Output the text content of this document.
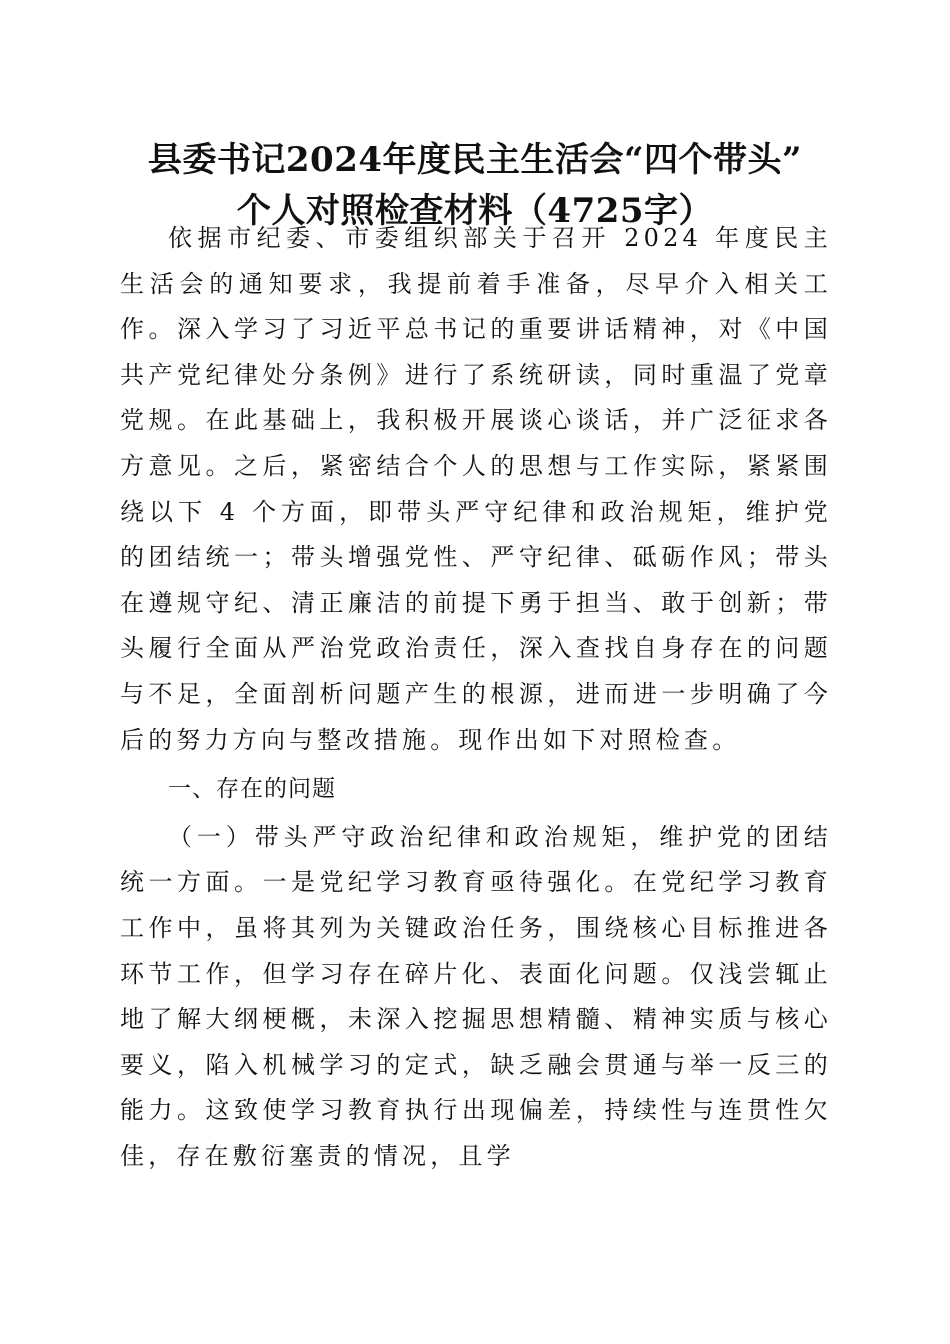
县委书记2024年度民主生活会“四个带头”
个人对照检查材料（4725字）

依据市纪委、市委组织部关于召开 2024 年度民主生活会的通知要求，我提前着手准备，尽早介入相关工作。深入学习了习近平总书记的重要讲话精神，对《中国共产党纪律处分条例》进行了系统研读，同时重温了党章党规。在此基础上，我积极开展谈心谈话，并广泛征求各方意见。之后，紧密结合个人的思想与工作实际，紧紧围绕以下 4 个方面，即带头严守纪律和政治规矩，维护党的团结统一；带头增强党性、严守纪律、砥砺作风；带头在遵规守纪、清正廉洁的前提下勇于担当、敢于创新；带头履行全面从严治党政治责任，深入查找自身存在的问题与不足，全面剖析问题产生的根源，进而进一步明确了今后的努力方向与整改措施。现作出如下对照检查。

一、存在的问题

（一）带头严守政治纪律和政治规矩，维护党的团结统一方面。一是党纪学习教育亟待强化。在党纪学习教育工作中，虽将其列为关键政治任务，围绕核心目标推进各环节工作，但学习存在碎片化、表面化问题。仅浅尝辄止地了解大纲梗概，未深入挖掘思想精髓、精神实质与核心要义，陷入机械学习的定式，缺乏融会贯通与举一反三的能力。这致使学习教育执行出现偏差，持续性与连贯性欠佳，存在敷衍塞责的情况，且学
